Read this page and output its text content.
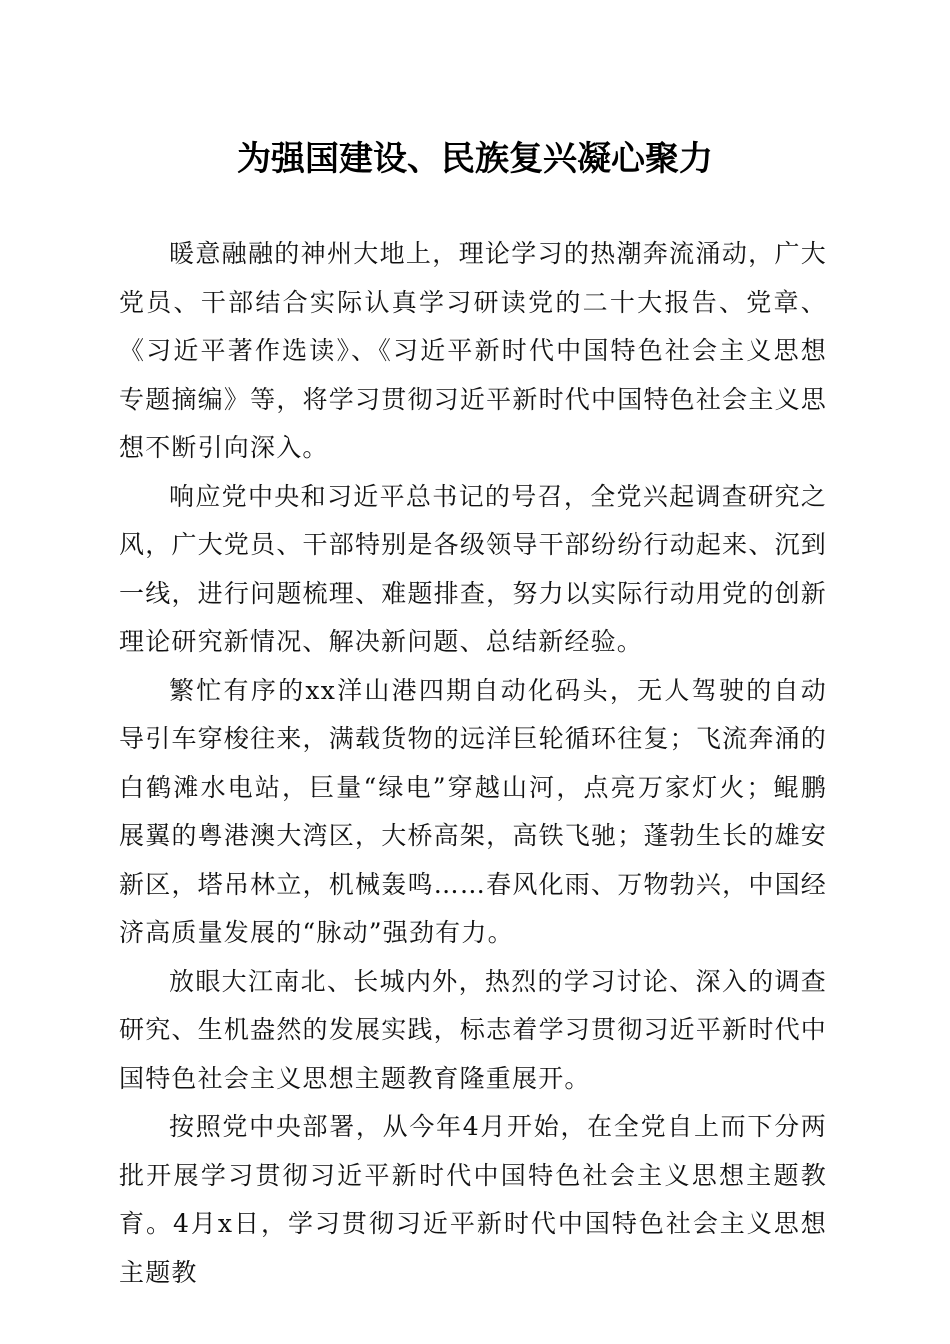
为强国建设、民族复兴凝心聚力

暖意融融的神州大地上，理论学习的热潮奔流涌动，广大党员、干部结合实际认真学习研读党的二十大报告、党章、《习近平著作选读》、《习近平新时代中国特色社会主义思想专题摘编》等，将学习贯彻习近平新时代中国特色社会主义思想不断引向深入。

响应党中央和习近平总书记的号召，全党兴起调查研究之风，广大党员、干部特别是各级领导干部纷纷行动起来、沉到一线，进行问题梳理、难题排查，努力以实际行动用党的创新理论研究新情况、解决新问题、总结新经验。

繁忙有序的xx洋山港四期自动化码头，无人驾驶的自动导引车穿梭往来，满载货物的远洋巨轮循环往复；飞流奔涌的白鹤滩水电站，巨量“绿电”穿越山河，点亮万家灯火；鲲鹏展翼的粤港澳大湾区，大桥高架，高铁飞驰；蓬勃生长的雄安新区，塔吊林立，机械轰鸣……春风化雨、万物勃兴，中国经济高质量发展的“脉动”强劲有力。

放眼大江南北、长城内外，热烈的学习讨论、深入的调查研究、生机盎然的发展实践，标志着学习贯彻习近平新时代中国特色社会主义思想主题教育隆重展开。

按照党中央部署，从今年4月开始，在全党自上而下分两批开展学习贯彻习近平新时代中国特色社会主义思想主题教育。4月x日，学习贯彻习近平新时代中国特色社会主义思想主题教
